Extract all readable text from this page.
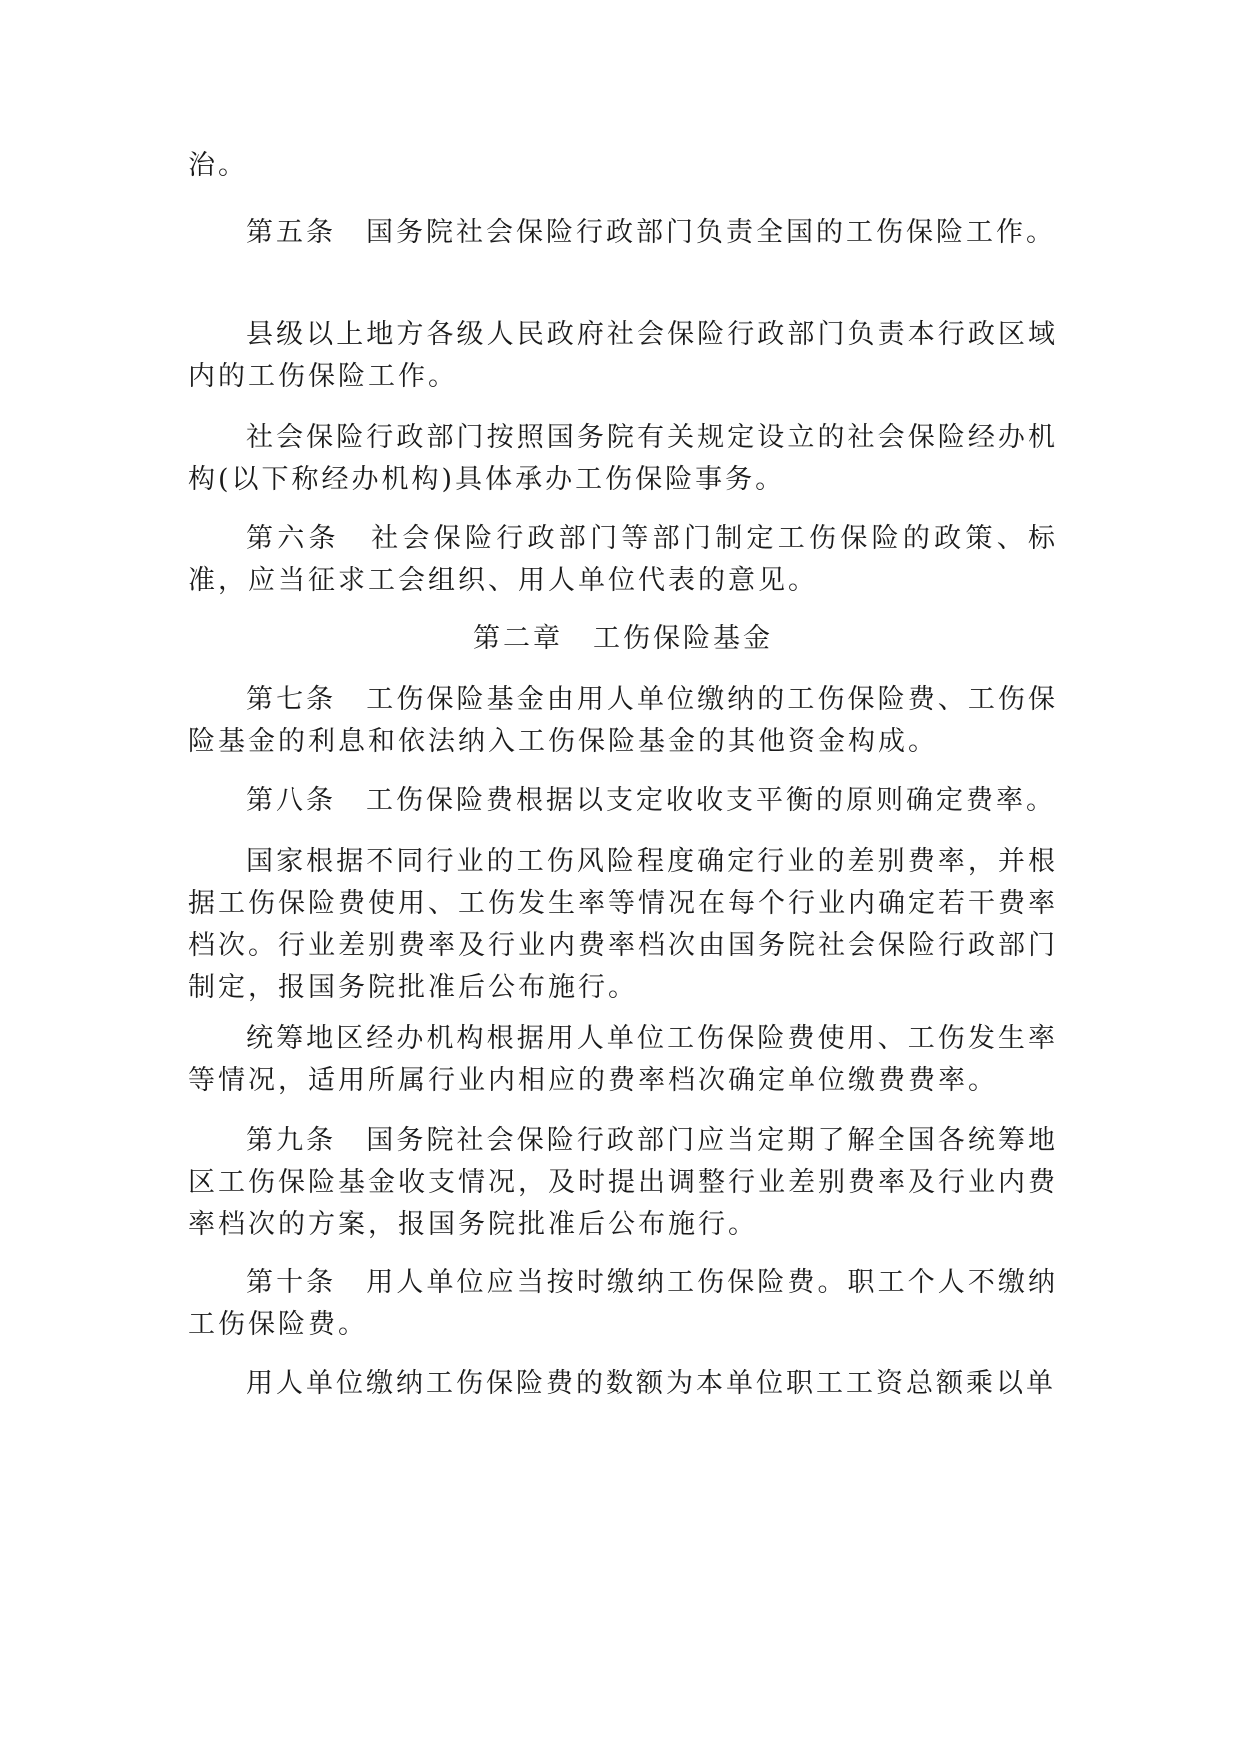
治。

第五条 国务院社会保险行政部门负责全国的工伤保险工作。

县级以上地方各级人民政府社会保险行政部门负责本行政区域内的工伤保险工作。

社会保险行政部门按照国务院有关规定设立的社会保险经办机构(以下称经办机构)具体承办工伤保险事务。

第六条 社会保险行政部门等部门制定工伤保险的政策、标准，应当征求工会组织、用人单位代表的意见。

第二章 工伤保险基金

第七条 工伤保险基金由用人单位缴纳的工伤保险费、工伤保险基金的利息和依法纳入工伤保险基金的其他资金构成。

第八条 工伤保险费根据以支定收收支平衡的原则确定费率。

国家根据不同行业的工伤风险程度确定行业的差别费率，并根据工伤保险费使用、工伤发生率等情况在每个行业内确定若干费率档次。行业差别费率及行业内费率档次由国务院社会保险行政部门制定，报国务院批准后公布施行。

统筹地区经办机构根据用人单位工伤保险费使用、工伤发生率等情况，适用所属行业内相应的费率档次确定单位缴费费率。

第九条 国务院社会保险行政部门应当定期了解全国各统筹地区工伤保险基金收支情况，及时提出调整行业差别费率及行业内费率档次的方案，报国务院批准后公布施行。

第十条 用人单位应当按时缴纳工伤保险费。职工个人不缴纳工伤保险费。

用人单位缴纳工伤保险费的数额为本单位职工工资总额乘以单
